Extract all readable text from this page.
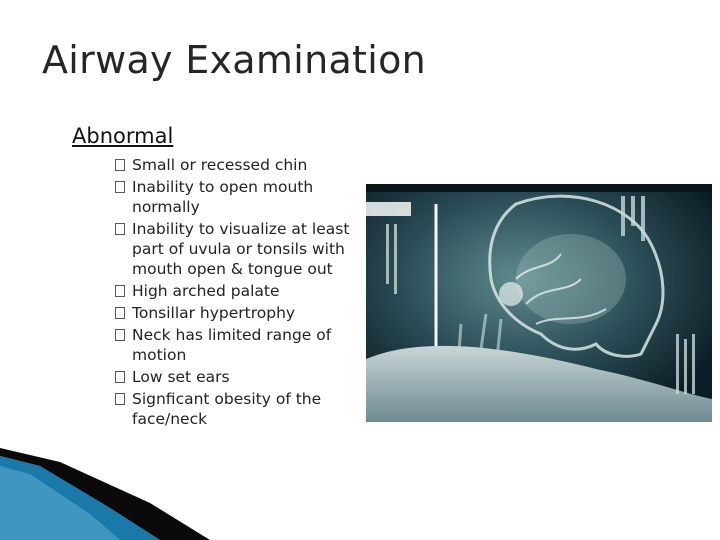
Airway Examination
Abnormal
Small or recessed chin
Inability to open mouth normally
Inability to visualize at least part of uvula or tonsils with mouth open & tongue out
High arched palate
Tonsillar hypertrophy
Neck has limited range of motion
Low set ears
Signficant obesity of the face/neck
